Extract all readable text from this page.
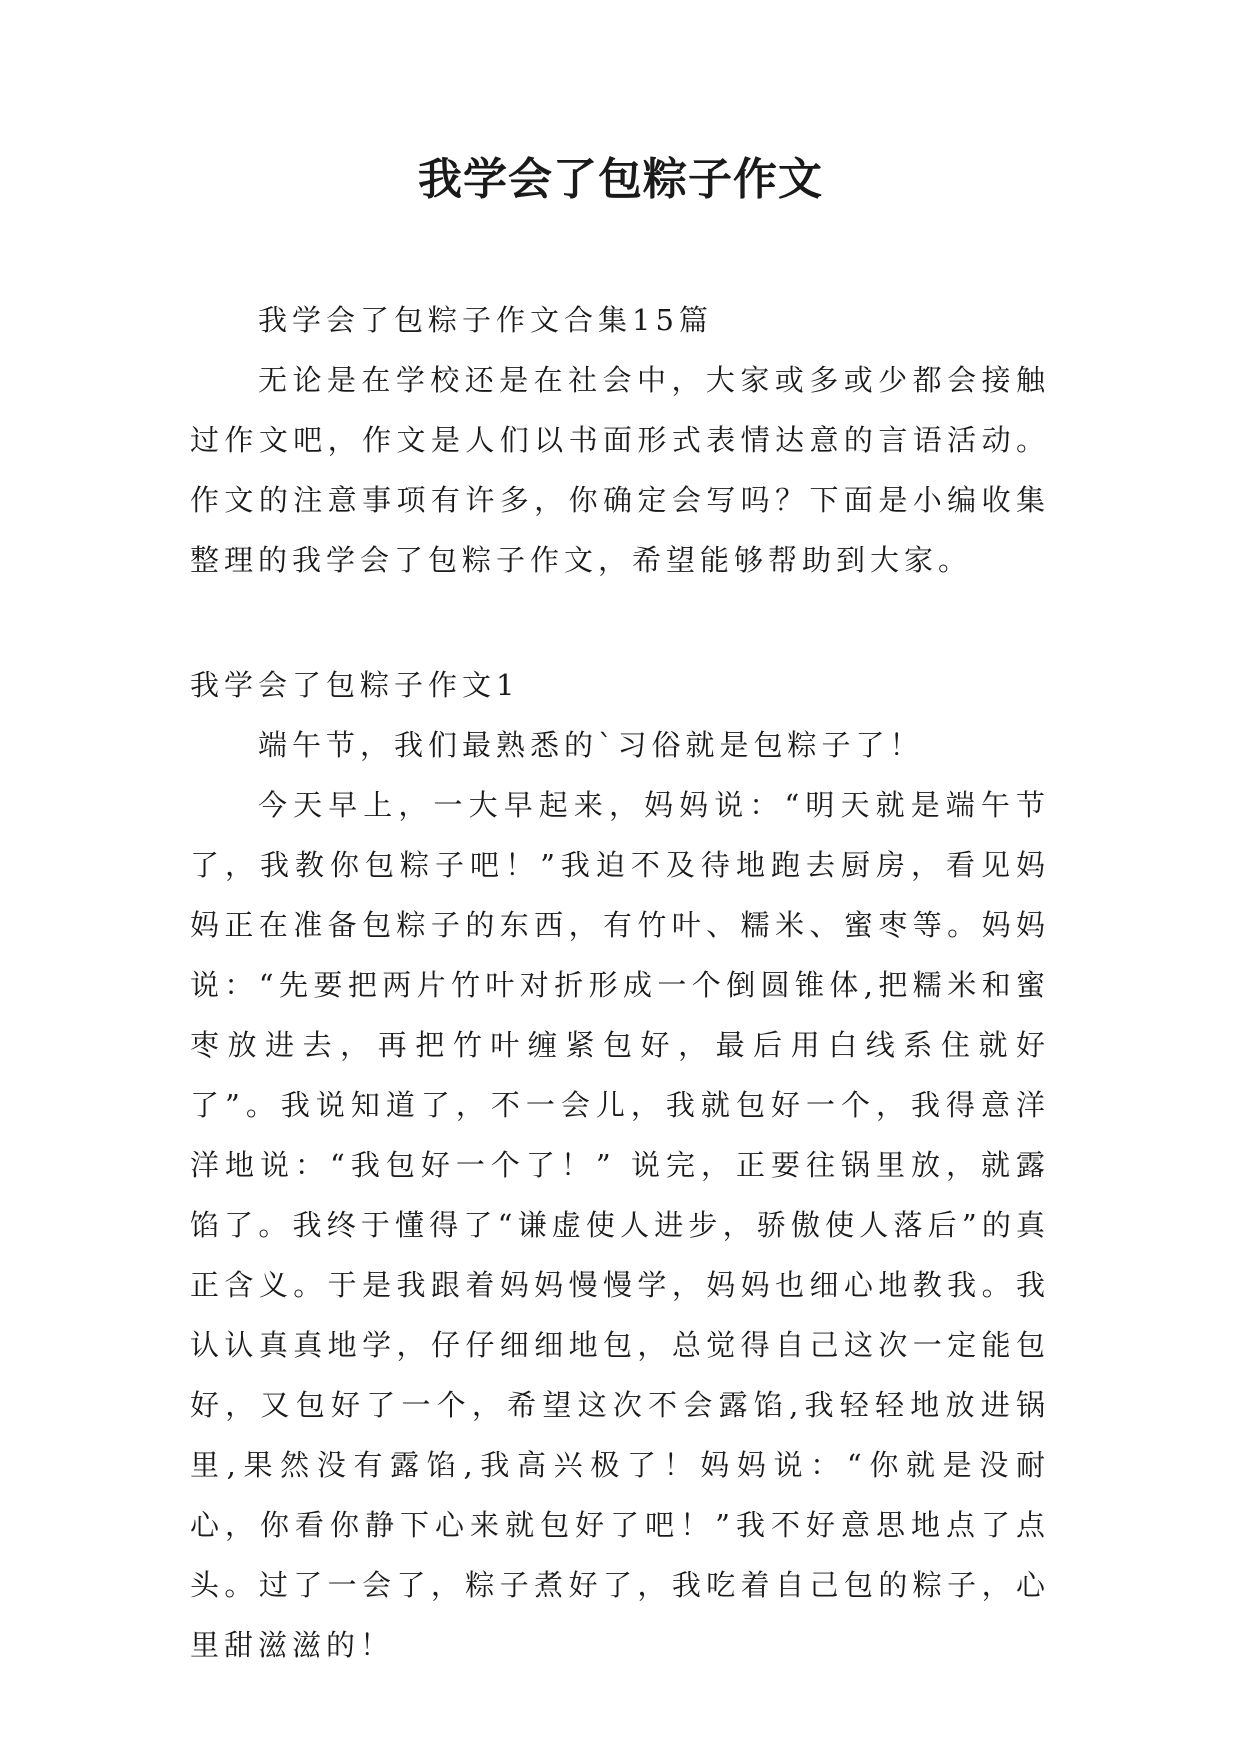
我学会了包粽子作文

我学会了包粽子作文合集15篇

无论是在学校还是在社会中，大家或多或少都会接触过作文吧，作文是人们以书面形式表情达意的言语活动。作文的注意事项有许多，你确定会写吗？下面是小编收集整理的我学会了包粽子作文，希望能够帮助到大家。

我学会了包粽子作文1

端午节，我们最熟悉的`习俗就是包粽子了！

今天早上，一大早起来，妈妈说：“明天就是端午节了，我教你包粽子吧！”我迫不及待地跑去厨房，看见妈妈正在准备包粽子的东西，有竹叶、糯米、蜜枣等。妈妈说：“先要把两片竹叶对折形成一个倒圆锥体,把糯米和蜜枣放进去，再把竹叶缠紧包好，最后用白线系住就好了”。我说知道了，不一会儿，我就包好一个，我得意洋洋地说：“我包好一个了！” 说完，正要往锅里放，就露馅了。我终于懂得了“谦虚使人进步，骄傲使人落后”的真正含义。于是我跟着妈妈慢慢学，妈妈也细心地教我。我认认真真地学，仔仔细细地包，总觉得自己这次一定能包好，又包好了一个，希望这次不会露馅,我轻轻地放进锅里,果然没有露馅,我高兴极了！妈妈说：“你就是没耐心，你看你静下心来就包好了吧！”我不好意思地点了点头。过了一会了，粽子煮好了，我吃着自己包的粽子，心里甜滋滋的！
